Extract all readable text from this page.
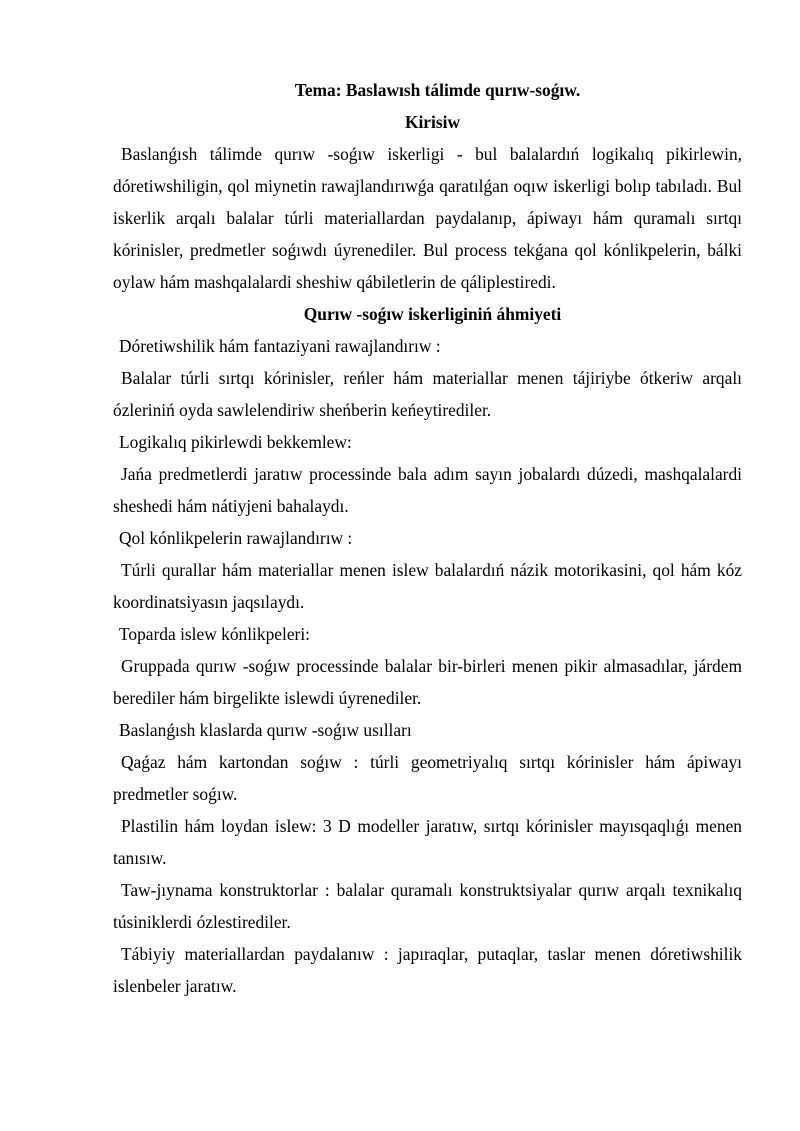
Tema: Baslawısh tálimde qurıw-soǵıw.

Kirisiw

Baslanǵısh tálimde qurıw -soǵıw iskerligi - bul balalardıń logikalıq pikirlewin, dóretiwshiligin, qol miynetin rawajlandırıwǵa qaratılǵan oqıw iskerligi bolıp tabıladı. Bul iskerlik arqalı balalar túrli materiallardan paydalanıp, ápiwayı hám quramalı sırtqı kórinisler, predmetler soǵıwdı úyrenediler. Bul process tekǵana qol kónlikpelerin, bálki oylaw hám mashqalalardi sheshiw qábiletlerin de qáliplestiredi.

Qurıw -soǵıw iskerliginiń áhmiyeti

Dóretiwshilik hám fantaziyani rawajlandırıw :

Balalar túrli sırtqı kórinisler, reńler hám materiallar menen tájiriybe ótkeriw arqalı ózleriniń oyda sawlelendiriw sheńberin keńeytirediler.

Logikalıq pikirlewdi bekkemlew:

Jańa predmetlerdi jaratıw processinde bala adım sayın jobalardı dúzedi, mashqalalardi sheshedi hám nátiyjeni bahalaydı.

Qol kónlikpelerin rawajlandırıw :

Túrli qurallar hám materiallar menen islew balalardıń názik motorikasini, qol hám kóz koordinatsiyasın jaqsılaydı.

Toparda islew kónlikpeleri:

Gruppada qurıw -soǵıw processinde balalar bir-birleri menen pikir almasadılar, járdem berediler hám birgelikte islewdi úyrenediler.

Baslanǵısh klaslarda qurıw -soǵıw usılları

Qaǵaz hám kartondan soǵıw : túrli geometriyalıq sırtqı kórinisler hám ápiwayı predmetler soǵıw.

Plastilin hám loydan islew: 3 D modeller jaratıw, sırtqı kórinisler mayısqaqlıǵı menen tanısıw.

Taw-jıynama konstruktorlar : balalar quramalı konstruktsiyalar qurıw arqalı texnikalıq túsiniklerdi ózlestirediler.

Tábiyiy materiallardan paydalanıw : japıraqlar, putaqlar, taslar menen dóretiwshilik islenbeler jaratıw.
